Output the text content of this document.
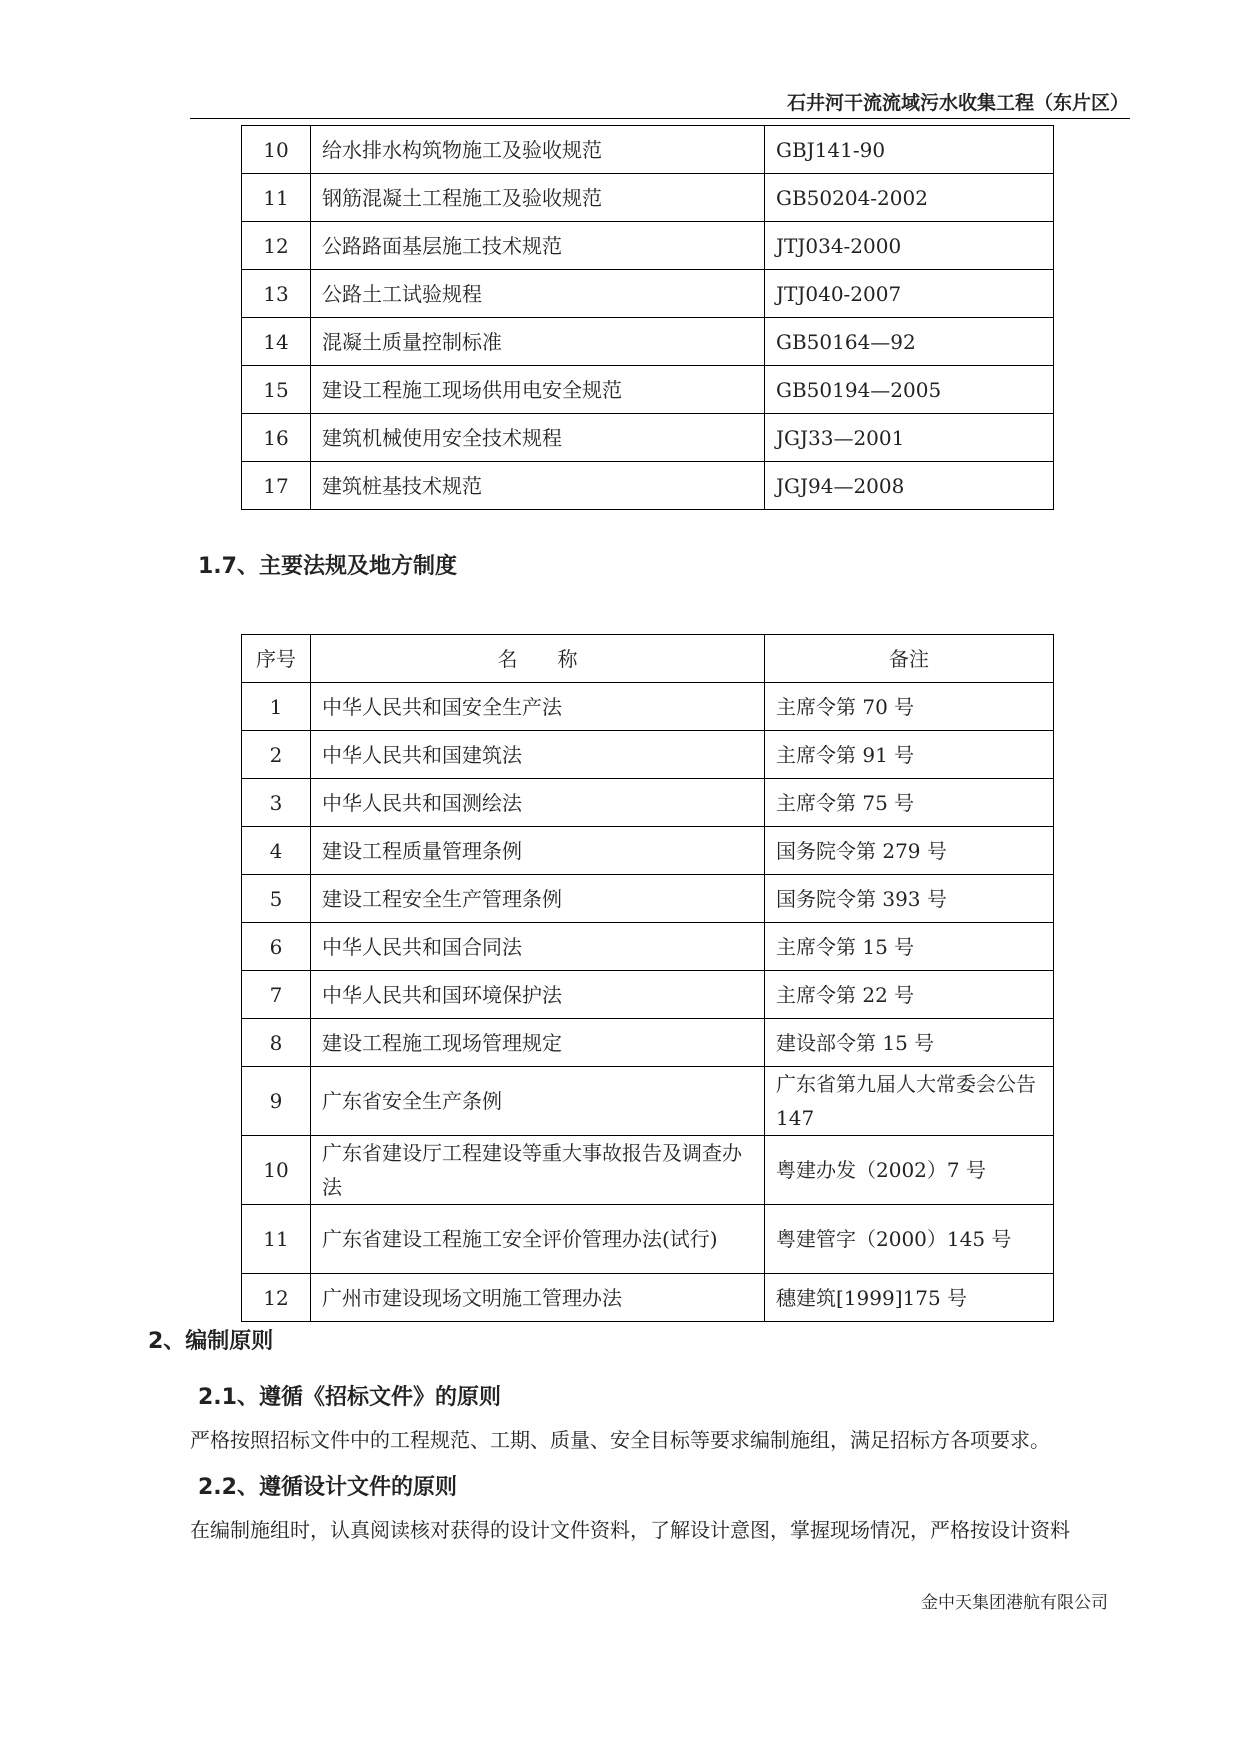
石井河干流流域污水收集工程（东片区）
10	给水排水构筑物施工及验收规范	GBJ141-90
11	钢筋混凝土工程施工及验收规范	GB50204-2002
12	公路路面基层施工技术规范	JTJ034-2000
13	公路土工试验规程	JTJ040-2007
14	混凝土质量控制标准	GB50164—92
15	建设工程施工现场供用电安全规范	GB50194—2005
16	建筑机械使用安全技术规程	JGJ33—2001
17	建筑桩基技术规范	JGJ94—2008
1.7、主要法规及地方制度
序号	名　　称	备注
1	中华人民共和国安全生产法	主席令第 70 号
2	中华人民共和国建筑法	主席令第 91 号
3	中华人民共和国测绘法	主席令第 75 号
4	建设工程质量管理条例	国务院令第 279 号
5	建设工程安全生产管理条例	国务院令第 393 号
6	中华人民共和国合同法	主席令第 15 号
7	中华人民共和国环境保护法	主席令第 22 号
8	建设工程施工现场管理规定	建设部令第 15 号
9	广东省安全生产条例	广东省第九届人大常委会公告 147
10	广东省建设厅工程建设等重大事故报告及调查办法	粤建办发（2002）7 号
11	广东省建设工程施工安全评价管理办法(试行)	粤建管字（2000）145 号
12	广州市建设现场文明施工管理办法	穗建筑[1999]175 号
2、编制原则
2.1、遵循《招标文件》的原则
严格按照招标文件中的工程规范、工期、质量、安全目标等要求编制施组，满足招标方各项要求。
2.2、遵循设计文件的原则
在编制施组时，认真阅读核对获得的设计文件资料，了解设计意图，掌握现场情况，严格按设计资料
金中天集团港航有限公司
